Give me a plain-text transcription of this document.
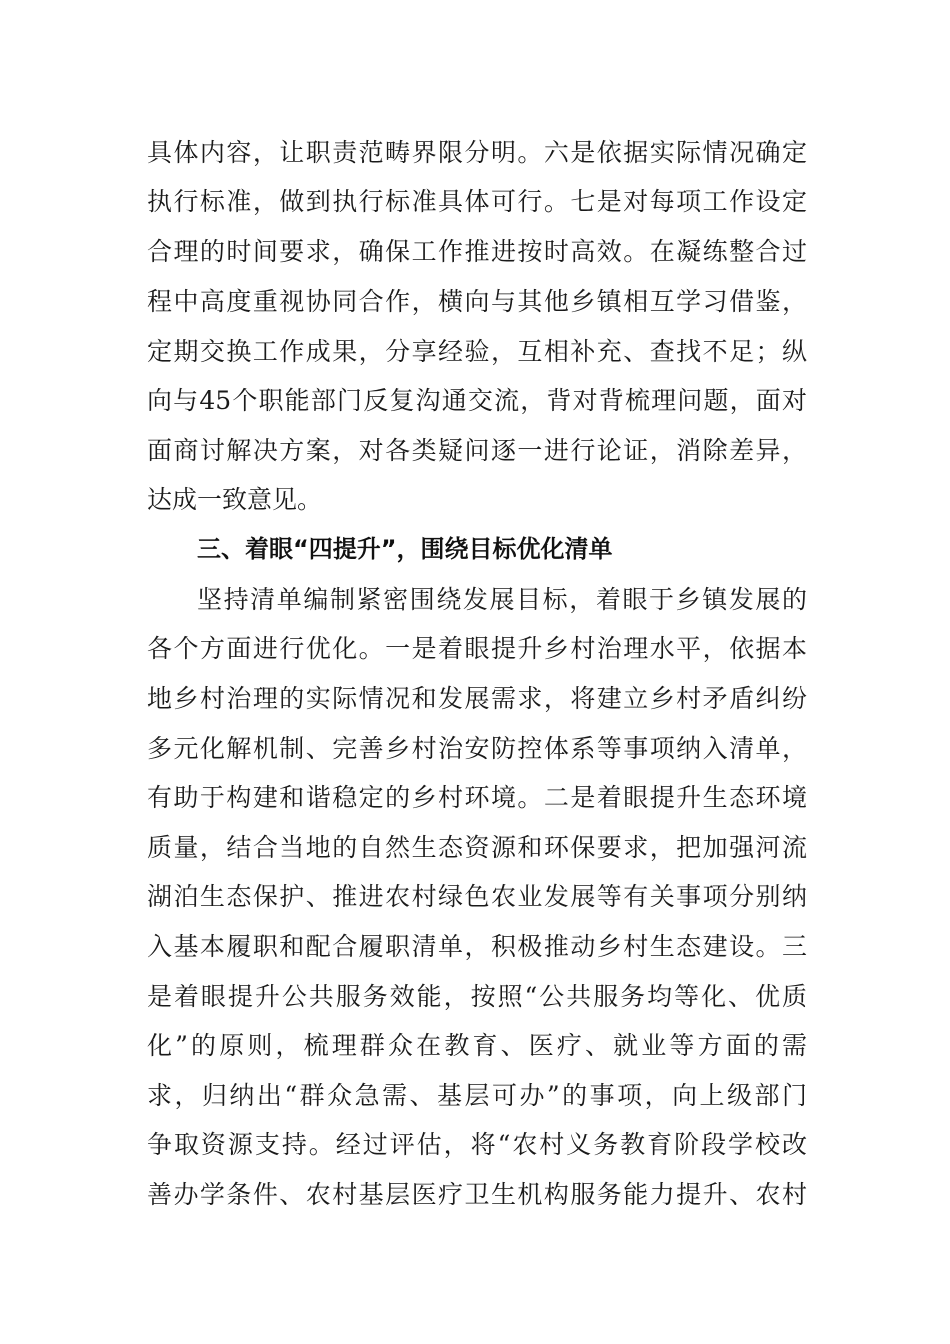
具体内容，让职责范畴界限分明。六是依据实际情况确定
执行标准，做到执行标准具体可行。七是对每项工作设定
合理的时间要求，确保工作推进按时高效。在凝练整合过
程中高度重视协同合作，横向与其他乡镇相互学习借鉴，
定期交换工作成果，分享经验，互相补充、查找不足；纵
向与45个职能部门反复沟通交流，背对背梳理问题，面对
面商讨解决方案，对各类疑问逐一进行论证，消除差异，
达成一致意见。
三、着眼“四提升”，围绕目标优化清单
坚持清单编制紧密围绕发展目标，着眼于乡镇发展的
各个方面进行优化。一是着眼提升乡村治理水平，依据本
地乡村治理的实际情况和发展需求，将建立乡村矛盾纠纷
多元化解机制、完善乡村治安防控体系等事项纳入清单，
有助于构建和谐稳定的乡村环境。二是着眼提升生态环境
质量，结合当地的自然生态资源和环保要求，把加强河流
湖泊生态保护、推进农村绿色农业发展等有关事项分别纳
入基本履职和配合履职清单，积极推动乡村生态建设。三
是着眼提升公共服务效能，按照“公共服务均等化、优质
化”的原则，梳理群众在教育、医疗、就业等方面的需
求，归纳出“群众急需、基层可办”的事项，向上级部门
争取资源支持。经过评估，将“农村义务教育阶段学校改
善办学条件、农村基层医疗卫生机构服务能力提升、农村
